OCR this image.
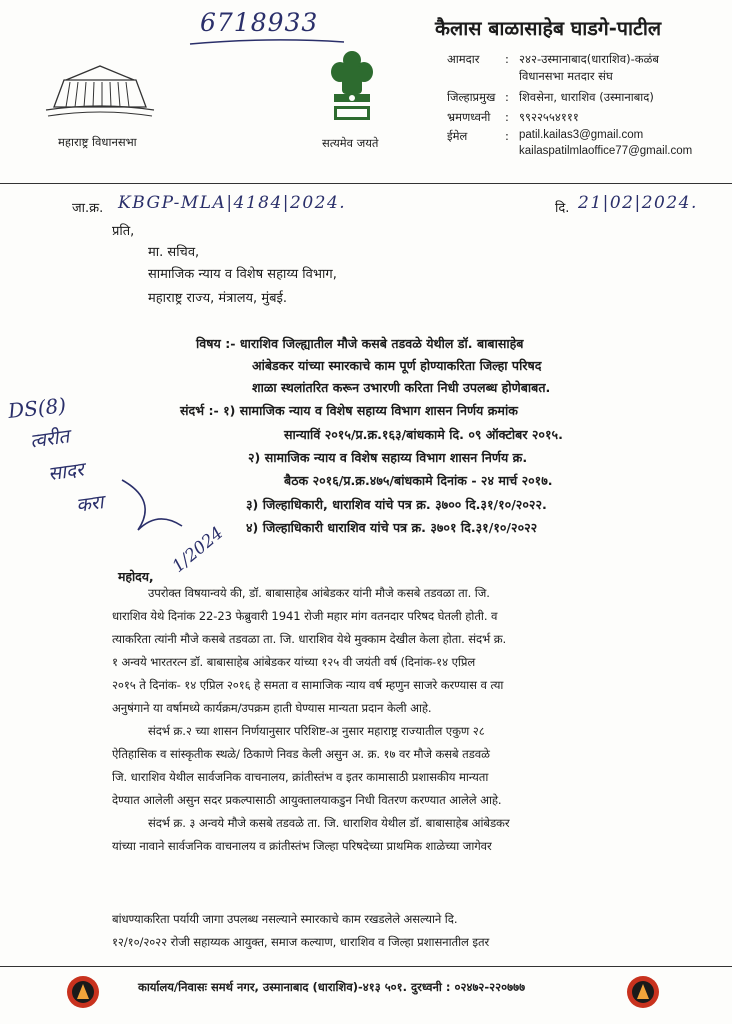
6718933	कैलास बाळासाहेब घाडगे-पाटील
महाराष्ट्र विधानसभा	सत्यमेव जयते
आमदार	: २४२-उस्मानाबाद(धाराशिव)-कळंब
विधानसभा मतदार संघ
जिल्हाप्रमुख : शिवसेना, धाराशिव (उस्मानाबाद)
भ्रमणध्वनी	: ९९२२५५४१११
ईमेल	: patil.kailas3@gmail.com
kailaspatilmlaoffice77@gmail.com
जा.क्र. KBGP-MLA|4184|2024.	दि. 21|02|2024.
प्रति,
मा. सचिव,
सामाजिक न्याय व विशेष सहाय्य विभाग,
महाराष्ट्र राज्य, मंत्रालय, मुंबई.
विषय :- धाराशिव जिल्ह्यातील मौजे कसबे तडवळे येथील डॉ. बाबासाहेब
आंबेडकर यांच्या स्मारकाचे काम पूर्ण होण्याकरिता जिल्हा परिषद
शाळा स्थलांतरित करून उभारणी करिता निधी उपलब्ध होणेबाबत.
संदर्भ :- १) सामाजिक न्याय व विशेष सहाय्य विभाग शासन निर्णय क्रमांक
सान्याविं २०१५/प्र.क्र.१६३/बांधकामे दि. ०९ ऑक्टोबर २०१५.
२) सामाजिक न्याय व विशेष सहाय्य विभाग शासन निर्णय क्र.
बैठक २०१६/प्र.क्र.४७५/बांधकामे दिनांक - २४ मार्च २०१७.
३) जिल्हाधिकारी, धाराशिव यांचे पत्र क्र. ३७०० दि.३१/१०/२०२२.
४) जिल्हाधिकारी धाराशिव यांचे पत्र क्र. ३७०१ दि.३१/१०/२०२२
DS(8)
त्वरीत
सादर
करा
1/2024
महोदय,
उपरोक्त विषयान्वये की, डॉ. बाबासाहेब आंबेडकर यांनी मौजे कसबे तडवळा ता. जि.
धाराशिव येथे दिनांक 22-23 फेब्रुवारी 1941 रोजी महार मांग वतनदार परिषद घेतली होती. व
त्याकरिता त्यांनी मौजे कसबे तडवळा ता. जि. धाराशिव येथे मुक्काम देखील केला होता. संदर्भ क्र.
१ अन्वये भारतरत्न डॉ. बाबासाहेब आंबेडकर यांच्या १२५ वी जयंती वर्ष (दिनांक-१४ एप्रिल
२०१५ ते दिनांक- १४ एप्रिल २०१६ हे समता व सामाजिक न्याय वर्ष म्हणुन साजरे करण्यास व त्या
अनुषंगाने या वर्षामध्ये कार्यक्रम/उपक्रम हाती घेण्यास मान्यता प्रदान केली आहे.
संदर्भ क्र.२ च्या शासन निर्णयानुसार परिशिष्ट-अ नुसार महाराष्ट्र राज्यातील एकुण २८
ऐतिहासिक व सांस्कृतीक स्थळे/ ठिकाणे निवड केली असुन अ. क्र. १७ वर मौजे कसबे तडवळे
जि. धाराशिव येथील सार्वजनिक वाचनालय, क्रांतीस्तंभ व इतर कामासाठी प्रशासकीय मान्यता
देण्यात आलेली असुन सदर प्रकल्पासाठी आयुक्तालयाकडुन निधी वितरण करण्यात आलेले आहे.
संदर्भ क्र. ३ अन्वये मौजे कसबे तडवळे ता. जि. धाराशिव येथील डॉ. बाबासाहेब आंबेडकर
यांच्या नावाने सार्वजनिक वाचनालय व क्रांतीस्तंभ जिल्हा परिषदेच्या प्राथमिक शाळेच्या जागेवर
बांधण्याकरिता पर्यायी जागा उपलब्ध नसल्याने स्मारकाचे काम रखडलेले असल्याने दि.
१२/१०/२०२२ रोजी सहाय्यक आयुक्त, समाज कल्याण, धाराशिव व जिल्हा प्रशासनातील इतर
कार्यालय/निवासः समर्थ नगर, उस्मानाबाद (धाराशिव)-४१३ ५०१. दुरध्वनी : ०२४७२-२२०७७७
